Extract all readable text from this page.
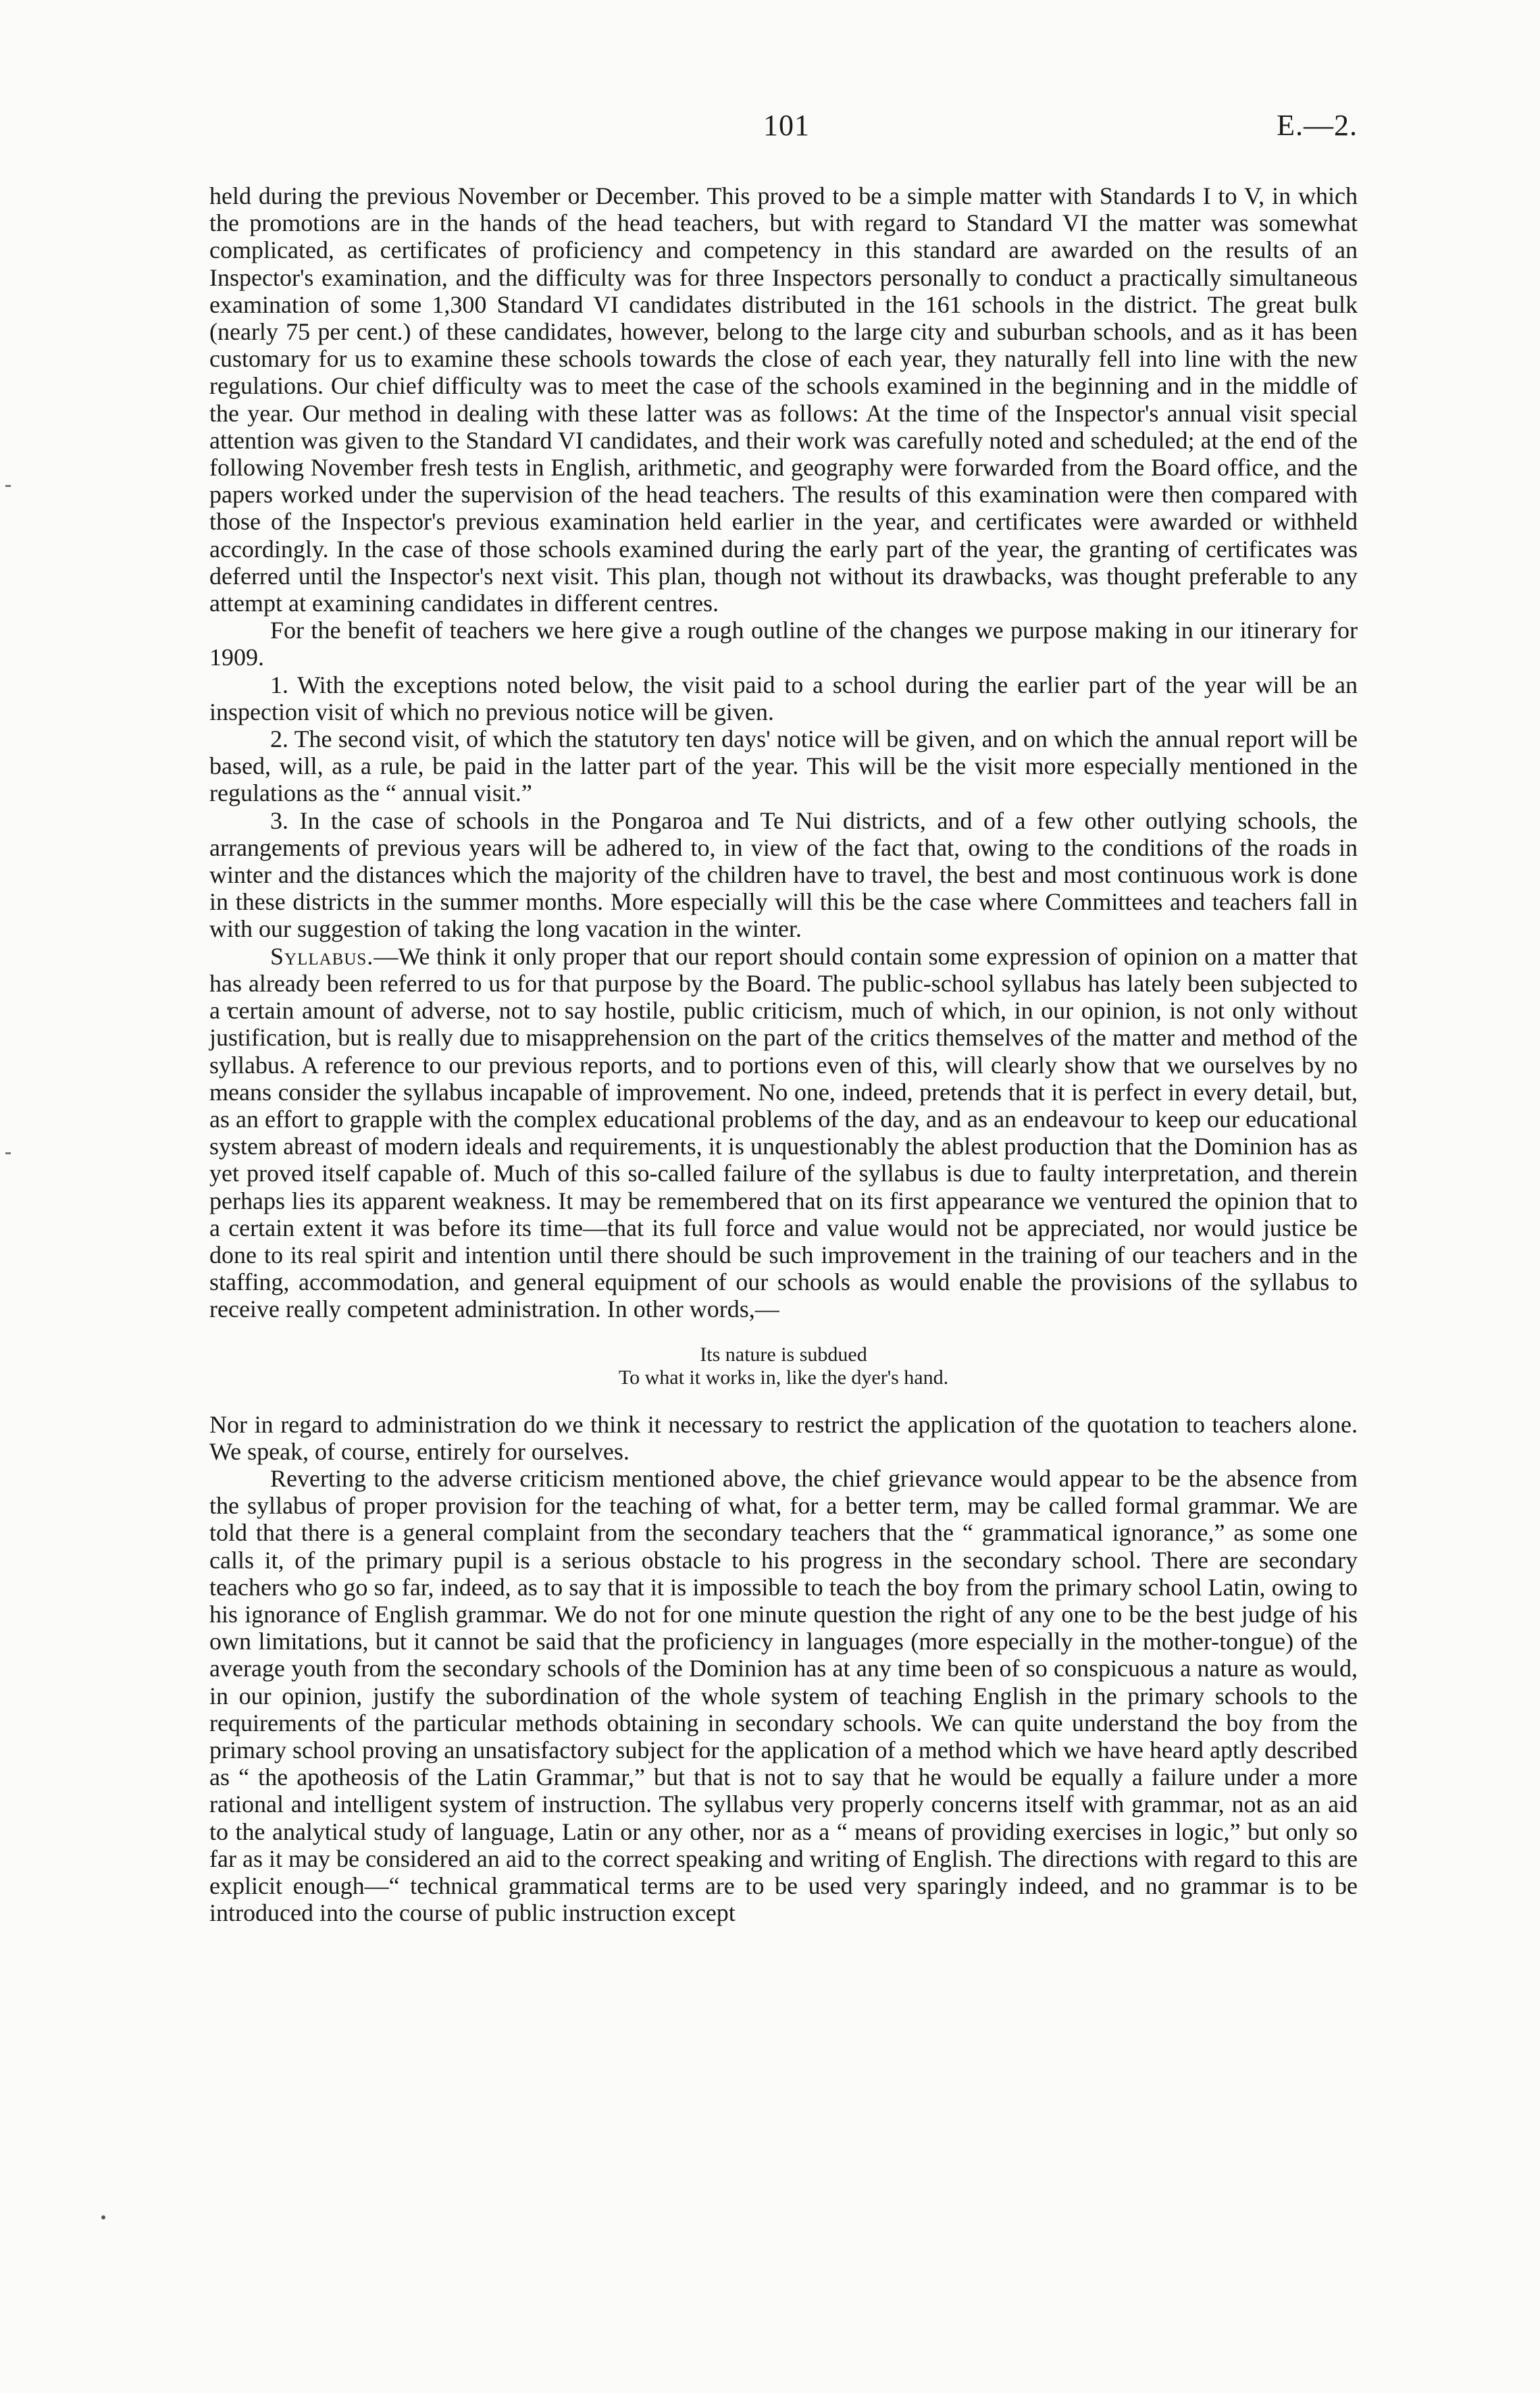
101	E.—2.

held during the previous November or December. This proved to be a simple matter with Standards I to V, in which the promotions are in the hands of the head teachers, but with regard to Standard VI the matter was somewhat complicated, as certificates of proficiency and competency in this standard are awarded on the results of an Inspector's examination, and the difficulty was for three Inspectors personally to conduct a practically simultaneous examination of some 1,300 Standard VI candidates distributed in the 161 schools in the district. The great bulk (nearly 75 per cent.) of these candidates, however, belong to the large city and suburban schools, and as it has been customary for us to examine these schools towards the close of each year, they naturally fell into line with the new regulations. Our chief difficulty was to meet the case of the schools examined in the beginning and in the middle of the year. Our method in dealing with these latter was as follows: At the time of the Inspector's annual visit special attention was given to the Standard VI candidates, and their work was carefully noted and scheduled; at the end of the following November fresh tests in English, arithmetic, and geography were forwarded from the Board office, and the papers worked under the supervision of the head teachers. The results of this examination were then compared with those of the Inspector's previous examination held earlier in the year, and certificates were awarded or withheld accordingly. In the case of those schools examined during the early part of the year, the granting of certificates was deferred until the Inspector's next visit. This plan, though not without its drawbacks, was thought preferable to any attempt at examining candidates in different centres.

For the benefit of teachers we here give a rough outline of the changes we purpose making in our itinerary for 1909.

1. With the exceptions noted below, the visit paid to a school during the earlier part of the year will be an inspection visit of which no previous notice will be given.

2. The second visit, of which the statutory ten days' notice will be given, and on which the annual report will be based, will, as a rule, be paid in the latter part of the year. This will be the visit more especially mentioned in the regulations as the “ annual visit.”

3. In the case of schools in the Pongaroa and Te Nui districts, and of a few other outlying schools, the arrangements of previous years will be adhered to, in view of the fact that, owing to the conditions of the roads in winter and the distances which the majority of the children have to travel, the best and most continuous work is done in these districts in the summer months. More especially will this be the case where Committees and teachers fall in with our suggestion of taking the long vacation in the winter.

Syllabus.—We think it only proper that our report should contain some expression of opinion on a matter that has already been referred to us for that purpose by the Board. The public-school syllabus has lately been subjected to a certain amount of adverse, not to say hostile, public criticism, much of which, in our opinion, is not only without justification, but is really due to misapprehension on the part of the critics themselves of the matter and method of the syllabus. A reference to our previous reports, and to portions even of this, will clearly show that we ourselves by no means consider the syllabus incapable of improvement. No one, indeed, pretends that it is perfect in every detail, but, as an effort to grapple with the complex educational problems of the day, and as an endeavour to keep our educational system abreast of modern ideals and requirements, it is unquestionably the ablest production that the Dominion has as yet proved itself capable of. Much of this so-called failure of the syllabus is due to faulty interpretation, and therein perhaps lies its apparent weakness. It may be remembered that on its first appearance we ventured the opinion that to a certain extent it was before its time—that its full force and value would not be appreciated, nor would justice be done to its real spirit and intention until there should be such improvement in the training of our teachers and in the staffing, accommodation, and general equipment of our schools as would enable the provisions of the syllabus to receive really competent administration. In other words,—

Its nature is subdued
To what it works in, like the dyer's hand.

Nor in regard to administration do we think it necessary to restrict the application of the quotation to teachers alone. We speak, of course, entirely for ourselves.

Reverting to the adverse criticism mentioned above, the chief grievance would appear to be the absence from the syllabus of proper provision for the teaching of what, for a better term, may be called formal grammar. We are told that there is a general complaint from the secondary teachers that the “ grammatical ignorance,” as some one calls it, of the primary pupil is a serious obstacle to his progress in the secondary school. There are secondary teachers who go so far, indeed, as to say that it is impossible to teach the boy from the primary school Latin, owing to his ignorance of English grammar. We do not for one minute question the right of any one to be the best judge of his own limitations, but it cannot be said that the proficiency in languages (more especially in the mother-tongue) of the average youth from the secondary schools of the Dominion has at any time been of so conspicuous a nature as would, in our opinion, justify the subordination of the whole system of teaching English in the primary schools to the requirements of the particular methods obtaining in secondary schools. We can quite understand the boy from the primary school proving an unsatisfactory subject for the application of a method which we have heard aptly described as “ the apotheosis of the Latin Grammar,” but that is not to say that he would be equally a failure under a more rational and intelligent system of instruction. The syllabus very properly concerns itself with grammar, not as an aid to the analytical study of language, Latin or any other, nor as a “ means of providing exercises in logic,” but only so far as it may be considered an aid to the correct speaking and writing of English. The directions with regard to this are explicit enough—“ technical grammatical terms are to be used very sparingly indeed, and no grammar is to be introduced into the course of public instruction except
